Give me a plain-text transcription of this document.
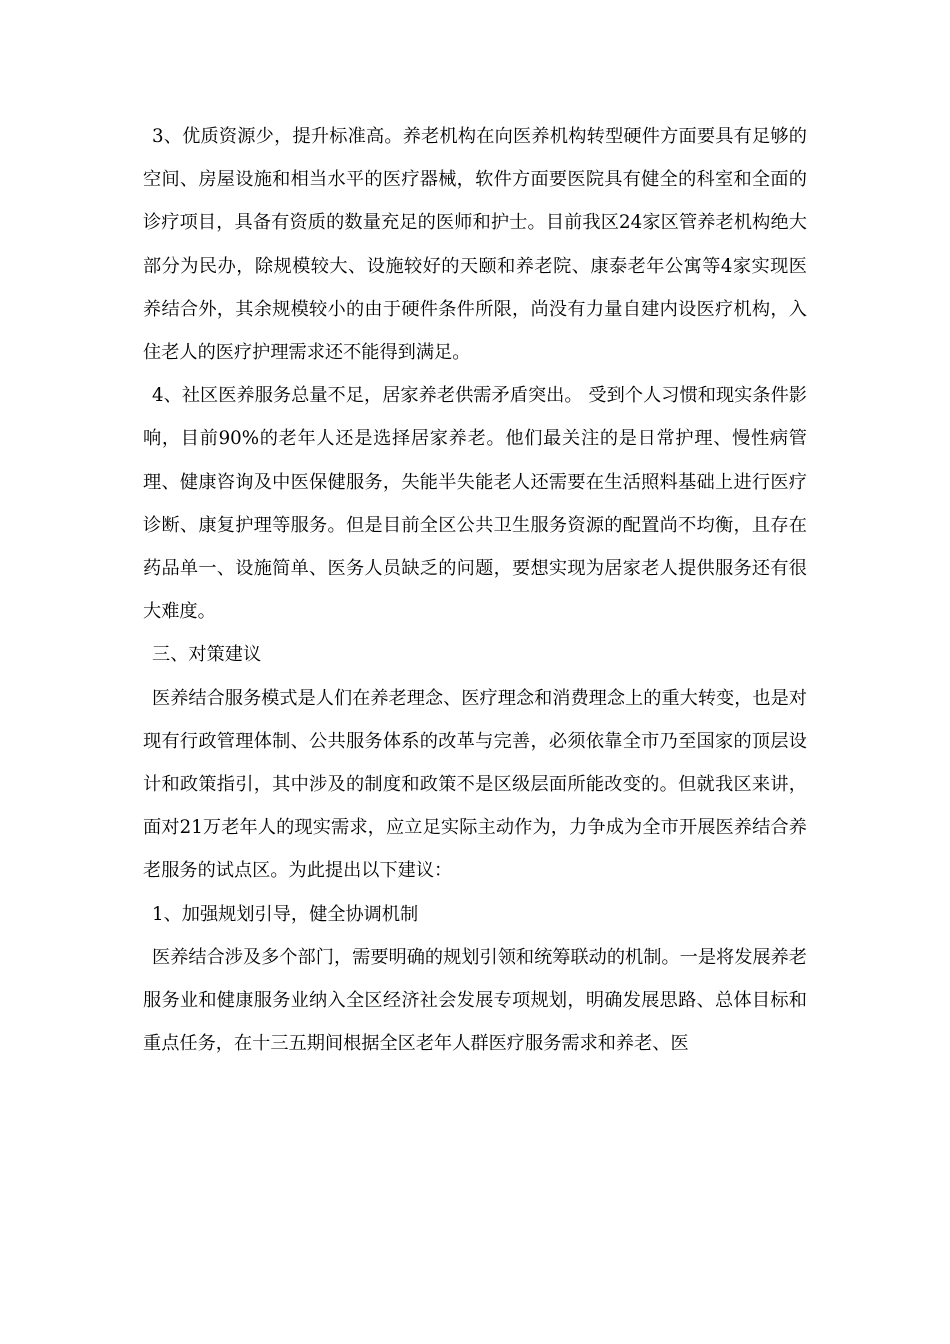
3、优质资源少，提升标准高。养老机构在向医养机构转型硬件方面要具有足够的空间、房屋设施和相当水平的医疗器械，软件方面要医院具有健全的科室和全面的诊疗项目，具备有资质的数量充足的医师和护士。目前我区24家区管养老机构绝大部分为民办，除规模较大、设施较好的天颐和养老院、康泰老年公寓等4家实现医养结合外，其余规模较小的由于硬件条件所限，尚没有力量自建内设医疗机构，入住老人的医疗护理需求还不能得到满足。

4、社区医养服务总量不足，居家养老供需矛盾突出。 受到个人习惯和现实条件影响，目前90%的老年人还是选择居家养老。他们最关注的是日常护理、慢性病管理、健康咨询及中医保健服务，失能半失能老人还需要在生活照料基础上进行医疗诊断、康复护理等服务。但是目前全区公共卫生服务资源的配置尚不均衡，且存在药品单一、设施简单、医务人员缺乏的问题，要想实现为居家老人提供服务还有很大难度。

三、对策建议

医养结合服务模式是人们在养老理念、医疗理念和消费理念上的重大转变，也是对现有行政管理体制、公共服务体系的改革与完善，必须依靠全市乃至国家的顶层设计和政策指引，其中涉及的制度和政策不是区级层面所能改变的。但就我区来讲，面对21万老年人的现实需求，应立足实际主动作为，力争成为全市开展医养结合养老服务的试点区。为此提出以下建议：

1、加强规划引导，健全协调机制

医养结合涉及多个部门，需要明确的规划引领和统筹联动的机制。一是将发展养老服务业和健康服务业纳入全区经济社会发展专项规划，明确发展思路、总体目标和重点任务，在十三五期间根据全区老年人群医疗服务需求和养老、医
